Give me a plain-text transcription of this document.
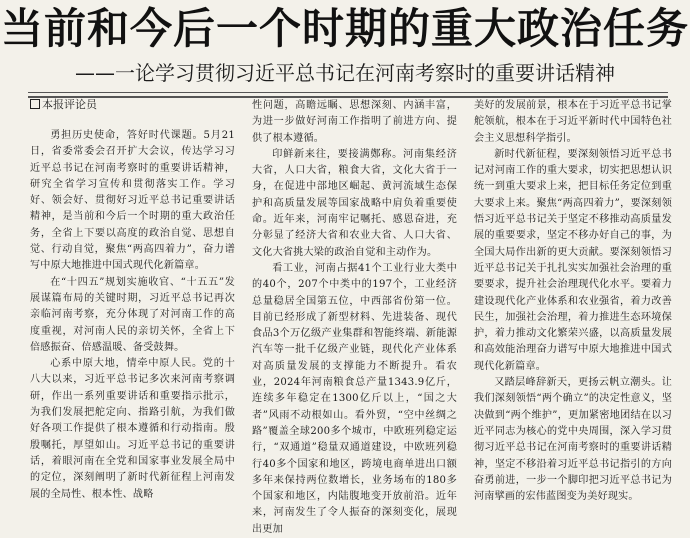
当前和今后一个时期的重大政治任务
——一论学习贯彻习近平总书记在河南考察时的重要讲话精神
本报评论员

勇担历史使命，答好时代课题。5月21日，省委常委会召开扩大会议，传达学习习近平总书记在河南考察时的重要讲话精神，研究全省学习宣传和贯彻落实工作。学习好、领会好、贯彻好习近平总书记重要讲话精神，是当前和今后一个时期的重大政治任务，全省上下要以高度的政治自觉、思想自觉、行动自觉，聚焦“两高四着力”，奋力谱写中原大地推进中国式现代化新篇章。

在“十四五”规划实施收官、“十五五”发展谋篇布局的关键时期，习近平总书记再次亲临河南考察，充分体现了对河南工作的高度重视，对河南人民的亲切关怀，全省上下倍感振奋、倍感温暖、备受鼓舞。

心系中原大地，情牵中原人民。党的十八大以来，习近平总书记多次来河南考察调研，作出一系列重要讲话和重要指示批示，为我们发展把舵定向、指路引航，为我们做好各项工作提供了根本遵循和行动指南。殷殷嘱托，厚望如山。习近平总书记的重要讲话，着眼河南在全党和国家事业发展全局中的定位，深刻阐明了新时代新征程上河南发展的全局性、根本性、战略

性问题，高瞻远瞩、思想深刻、内涵丰富，为进一步做好河南工作指明了前进方向、提供了根本遵循。

印鲜新来往，要接满鄭称。河南集经济大省，人口大省，粮食大省，文化大省于一身，在促进中部地区崛起、黄河流域生态保护和高质量发展等国家战略中肩负着重要使命。近年来，河南牢记嘱托、感恩奋进，充分彰显了经济大省和农业大省、人口大省、文化大省挑大梁的政治自觉和主动作为。

看工业，河南占据41个工业行业大类中的40个，207个中类中的197个，工业经济总量稳居全国第五位，中西部省份第一位。目前已经形成了新型材料、先进装备、现代食品3个万亿级产业集群和智能终端、新能源汽车等一批千亿级产业链，现代化产业体系对高质量发展的支撑能力不断提升。看农业，2024年河南粮食总产量1343.9亿斤，连续多年稳定在1300亿斤以上，“国之大者”风雨不动根如山。看外贸，“空中丝绸之路”覆盖全球200多个城市，中欧班列稳定运行，“双通道”稳量双通道建设，中欧班列稳行40多个国家和地区，跨境电商单进出口额多年来保持两位数增长，业务场布的180多个国家和地区，内陆腹地变开放前沿。近年来，河南发生了令人振奋的深刻变化，展现出更加

美好的发展前景，根本在于习近平总书记掌舵领航，根本在于习近平新时代中国特色社会主义思想科学指引。

新时代新征程，要深刻领悟习近平总书记对河南工作的重大要求，切实把思想认识统一到重大要求上来，把目标任务定位到重大要求上来。聚焦“两高四着力”，要深刻领悟习近平总书记关于坚定不移推动高质量发展的重要要求，坚定不移办好自己的事，为全国大局作出新的更大贡献。要深刻领悟习近平总书记关于扎扎实实加强社会治理的重要要求，提升社会治理现代化水平。要着力建设现代化产业体系和农业强省，着力改善民生，加强社会治理，着力推进生态环境保护，着力推动文化繁荣兴盛，以高质量发展和高效能治理奋力谱写中原大地推进中国式现代化新篇章。

又踏层峰辞新天，更扬云帆立潮头。让我们深刻领悟“两个确立”的决定性意义，坚决做到“两个维护”，更加紧密地团结在以习近平同志为核心的党中央周围，深入学习贯彻习近平总书记在河南考察时的重要讲话精神，坚定不移沿着习近平总书记指引的方向奋勇前进，一步一个脚印把习近平总书记为河南擘画的宏伟蓝图变为美好现实。
